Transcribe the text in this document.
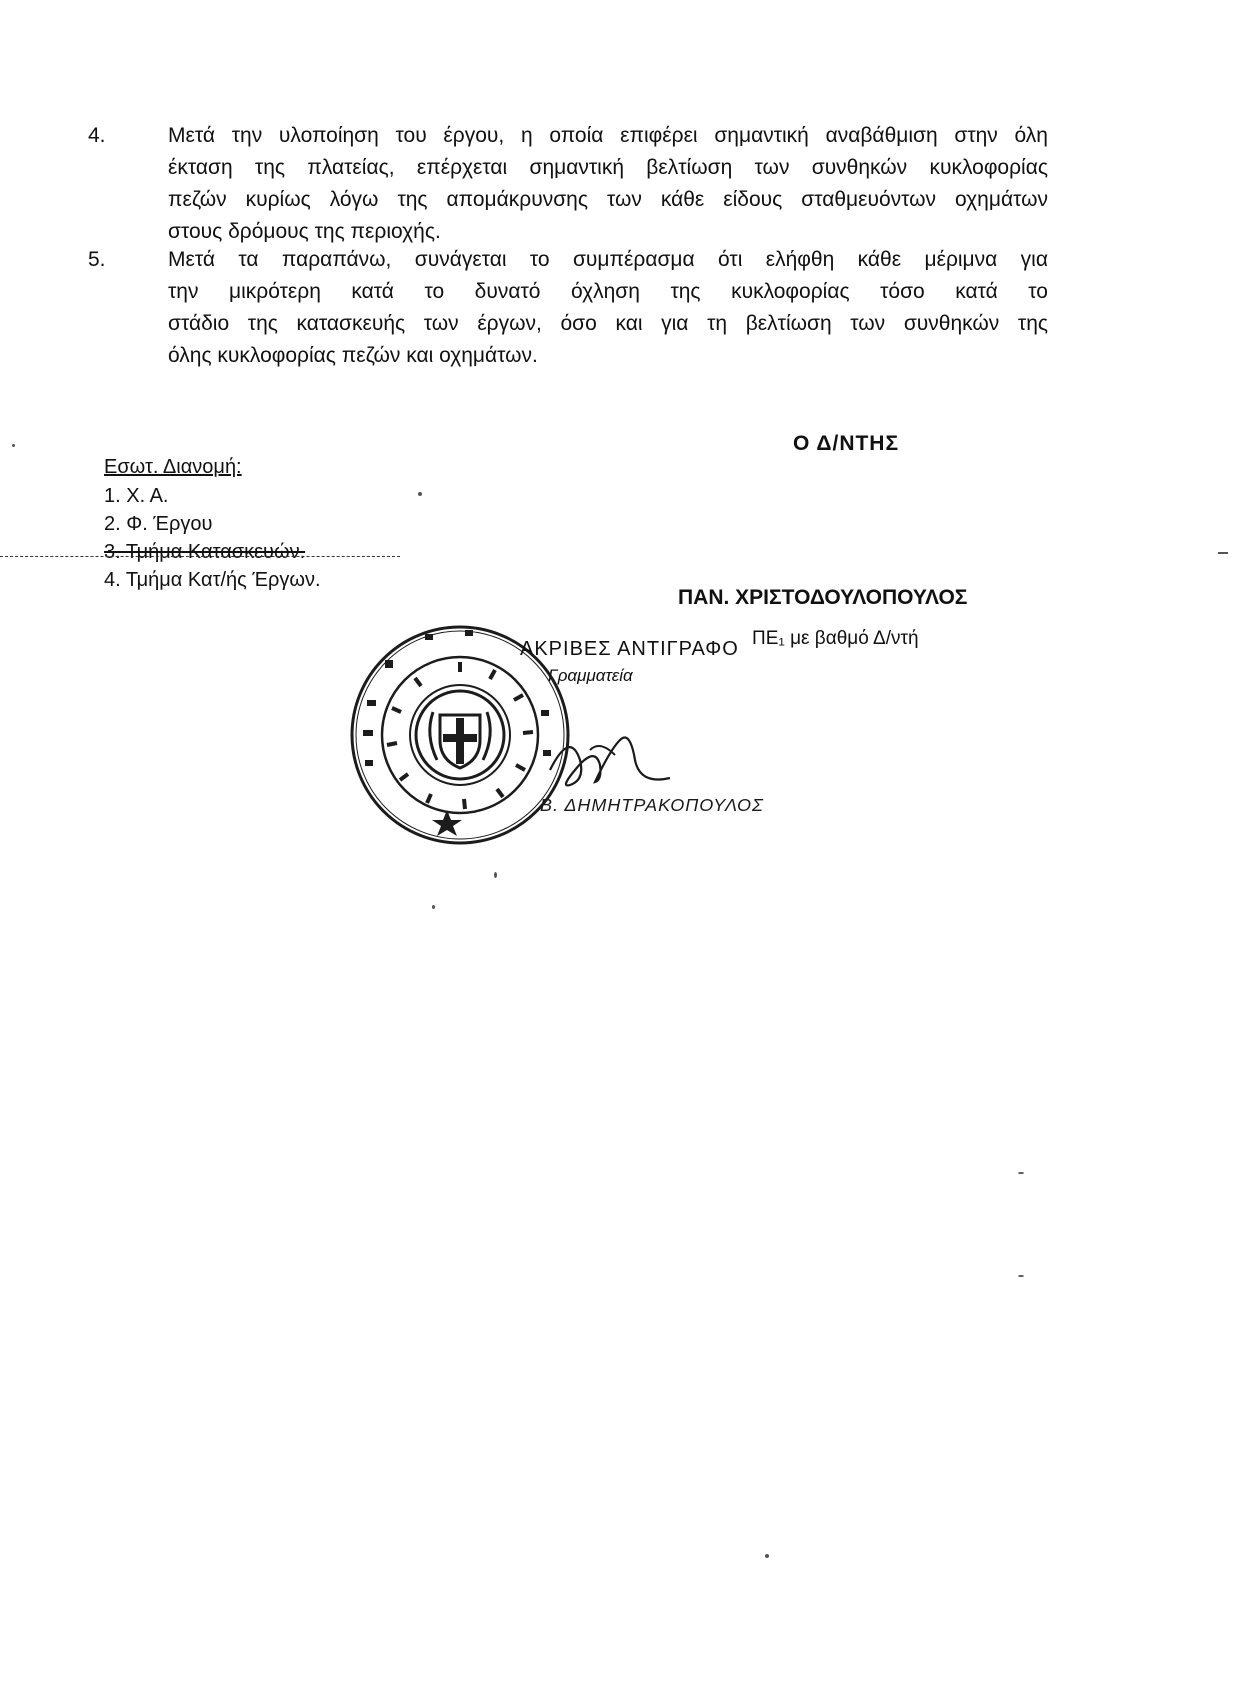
4.	Μετά την υλοποίηση του έργου, η οποία επιφέρει σημαντική αναβάθμιση στην όλη
έκταση της πλατείας, επέρχεται σημαντική βελτίωση των συνθηκών κυκλοφορίας
πεζών κυρίως λόγω της απομάκρυνσης των κάθε είδους σταθμευόντων οχημάτων
στους δρόμους της περιοχής.
5.	Μετά τα παραπάνω, συνάγεται το συμπέρασμα ότι ελήφθη κάθε μέριμνα για
την μικρότερη κατά το δυνατό όχληση της κυκλοφορίας τόσο κατά το
στάδιο της κατασκευής των έργων, όσο και για τη βελτίωση των συνθηκών της
όλης κυκλοφορίας πεζών και οχημάτων.
Ο Δ/ΝΤΗΣ
Εσωτ. Διανομή:
1. Χ. Α.
2. Φ. Έργου
3. Τμήμα Κατασκευών.
4. Τμήμα Κατ/ής Έργων.
ΠΑΝ. ΧΡΙΣΤΟΔΟΥΛΟΠΟΥΛΟΣ
ΠΕ₁ με βαθμό Δ/ντή
ΑΚΡΙΒΕΣ ΑΝΤΙΓΡΑΦΟ
Γραμματεία
Β. ΔΗΜΗΤΡΑΚΟΠΟΥΛΟΣ
